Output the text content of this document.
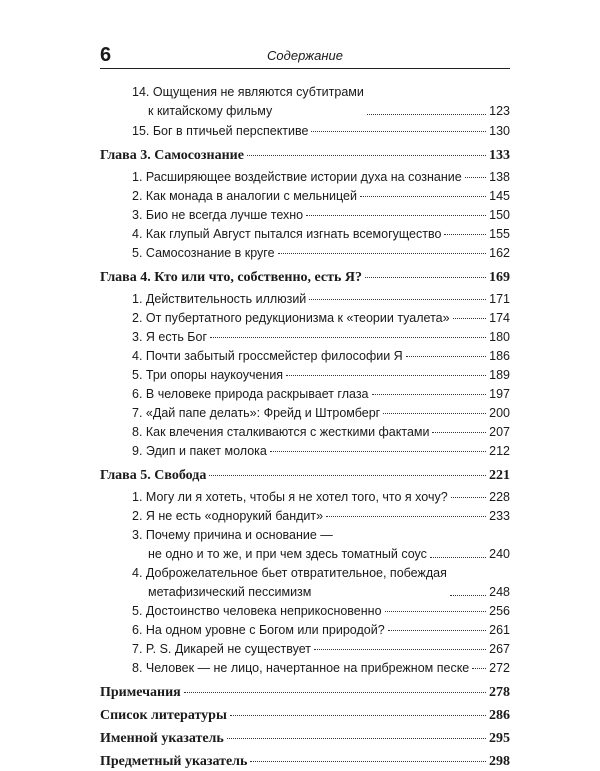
6	Содержание
14. Ощущения не являются субтитрами
к китайскому фильму	123
15. Бог в птичьей перспективе	130
Глава 3. Самосознание	133
1. Расширяющее воздействие истории духа на сознание 138
2. Как монада в аналогии с мельницей	145
3. Био не всегда лучше техно	150
4. Как глупый Август пытался изгнать всемогущество	155
5. Самосознание в круге	162
Глава 4. Кто или что, собственно, есть Я?	169
1. Действительность иллюзий	171
2. От пубертатного редукционизма к «теории туалета»	174
3. Я есть Бог	180
4. Почти забытый гроссмейстер философии Я	186
5. Три опоры наукоучения	189
6. В человеке природа раскрывает глаза	197
7. «Дай папе делать»: Фрейд и Штромберг	200
8. Как влечения сталкиваются с жесткими фактами	207
9. Эдип и пакет молока	212
Глава 5. Свобода	221
1. Могу ли я хотеть, чтобы я не хотел того, что я хочу?	228
2. Я не есть «однорукий бандит»	233
3. Почему причина и основание —
не одно и то же, и при чем здесь томатный соус	240
4. Доброжелательное бьет отвратительное, побеждая
метафизический пессимизм	248
5. Достоинство человека неприкосновенно	256
6. На одном уровне с Богом или природой?	261
7. P. S. Дикарей не существует	267
8. Человек — не лицо, начертанное на прибрежном песке 272
Примечания	278
Список литературы	286
Именной указатель	295
Предметный указатель	298
